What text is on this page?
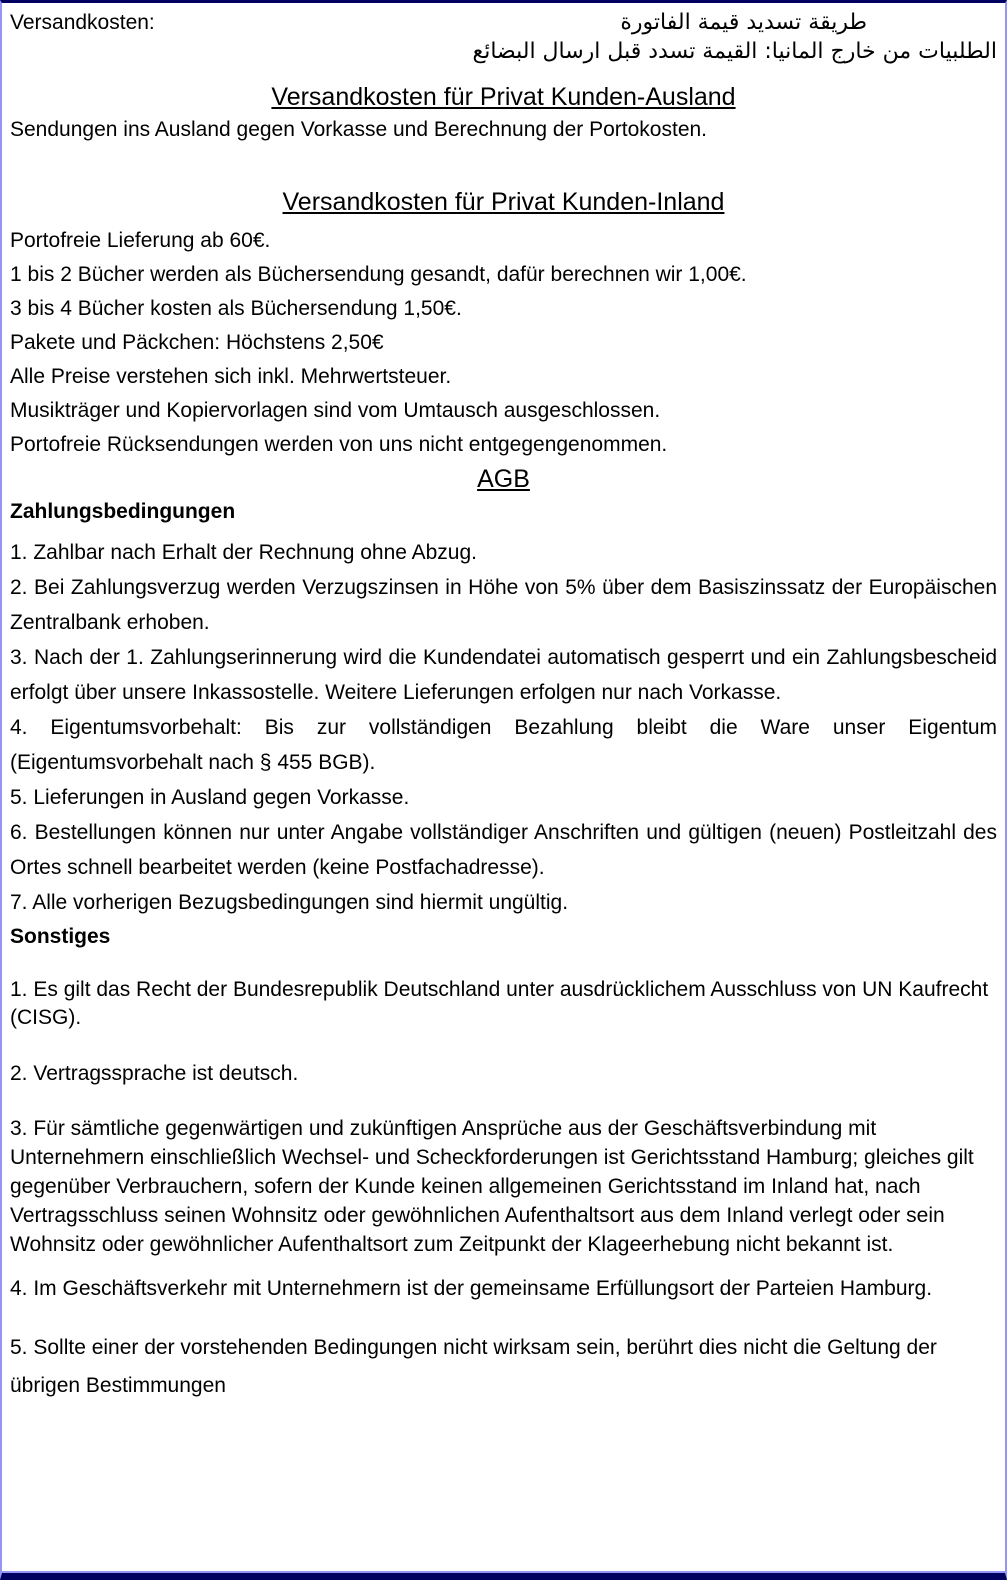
Versandkosten:	طريقة تسديد قيمة الفاتورة
الطلبيات من خارج المانيا: القيمة تسدد قبل ارسال البضائع
Versandkosten für Privat Kunden-Ausland
Sendungen ins Ausland gegen Vorkasse und Berechnung der Portokosten.
Versandkosten für Privat Kunden-Inland
Portofreie Lieferung ab 60€.
1 bis 2 Bücher werden als Büchersendung gesandt, dafür berechnen wir 1,00€.
3 bis 4 Bücher kosten als Büchersendung 1,50€.
Pakete und Päckchen: Höchstens 2,50€
Alle Preise verstehen sich inkl. Mehrwertsteuer.
Musikträger und Kopiervorlagen sind vom Umtausch ausgeschlossen.
Portofreie Rücksendungen werden von uns nicht entgegengenommen.
AGB
Zahlungsbedingungen
1. Zahlbar nach Erhalt der Rechnung ohne Abzug.
2. Bei Zahlungsverzug werden Verzugszinsen in Höhe von 5% über dem Basiszinssatz der Europäischen Zentralbank erhoben.
3. Nach der 1. Zahlungserinnerung wird die Kundendatei automatisch gesperrt und ein Zahlungsbescheid erfolgt über unsere Inkassostelle. Weitere Lieferungen erfolgen nur nach Vorkasse.
4. Eigentumsvorbehalt: Bis zur vollständigen Bezahlung bleibt die Ware unser Eigentum (Eigentumsvorbehalt nach § 455 BGB).
5. Lieferungen in Ausland gegen Vorkasse.
6. Bestellungen können nur unter Angabe vollständiger Anschriften und gültigen (neuen) Postleitzahl des Ortes schnell bearbeitet werden (keine Postfachadresse).
7. Alle vorherigen Bezugsbedingungen sind hiermit ungültig.
Sonstiges
1. Es gilt das Recht der Bundesrepublik Deutschland unter ausdrücklichem Ausschluss von UN Kaufrecht (CISG).
2. Vertragssprache ist deutsch.
3. Für sämtliche gegenwärtigen und zukünftigen Ansprüche aus der Geschäftsverbindung mit Unternehmern einschließlich Wechsel- und Scheckforderungen ist Gerichtsstand Hamburg; gleiches gilt gegenüber Verbrauchern, sofern der Kunde keinen allgemeinen Gerichtsstand im Inland hat, nach Vertragsschluss seinen Wohnsitz oder gewöhnlichen Aufenthaltsort aus dem Inland verlegt oder sein Wohnsitz oder gewöhnlicher Aufenthaltsort zum Zeitpunkt der Klageerhebung nicht bekannt ist.
4. Im Geschäftsverkehr mit Unternehmern ist der gemeinsame Erfüllungsort der Parteien Hamburg.
5. Sollte einer der vorstehenden Bedingungen nicht wirksam sein, berührt dies nicht die Geltung der übrigen Bestimmungen
